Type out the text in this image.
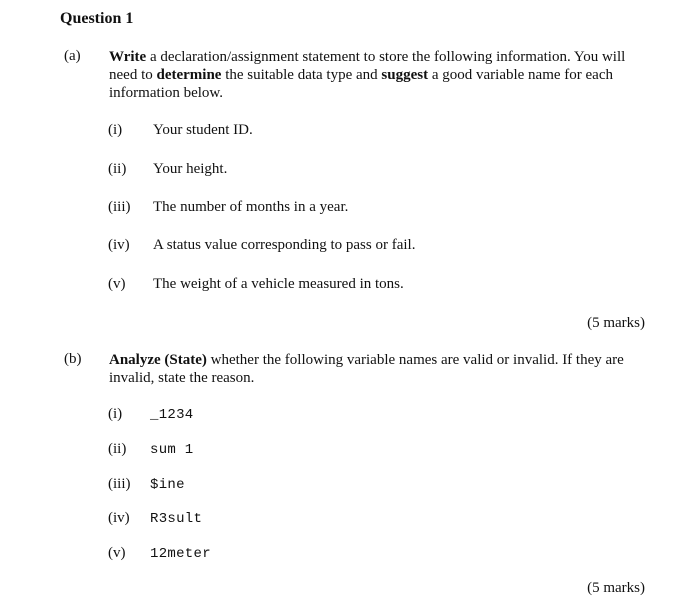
Question 1
(a) Write a declaration/assignment statement to store the following information. You will need to determine the suitable data type and suggest a good variable name for each information below.
(i) Your student ID.
(ii) Your height.
(iii) The number of months in a year.
(iv) A status value corresponding to pass or fail.
(v) The weight of a vehicle measured in tons.
(5 marks)
(b) Analyze (State) whether the following variable names are valid or invalid. If they are invalid, state the reason.
(i) _1234
(ii) sum 1
(iii) $ine
(iv) R3sult
(v) 12meter
(5 marks)
